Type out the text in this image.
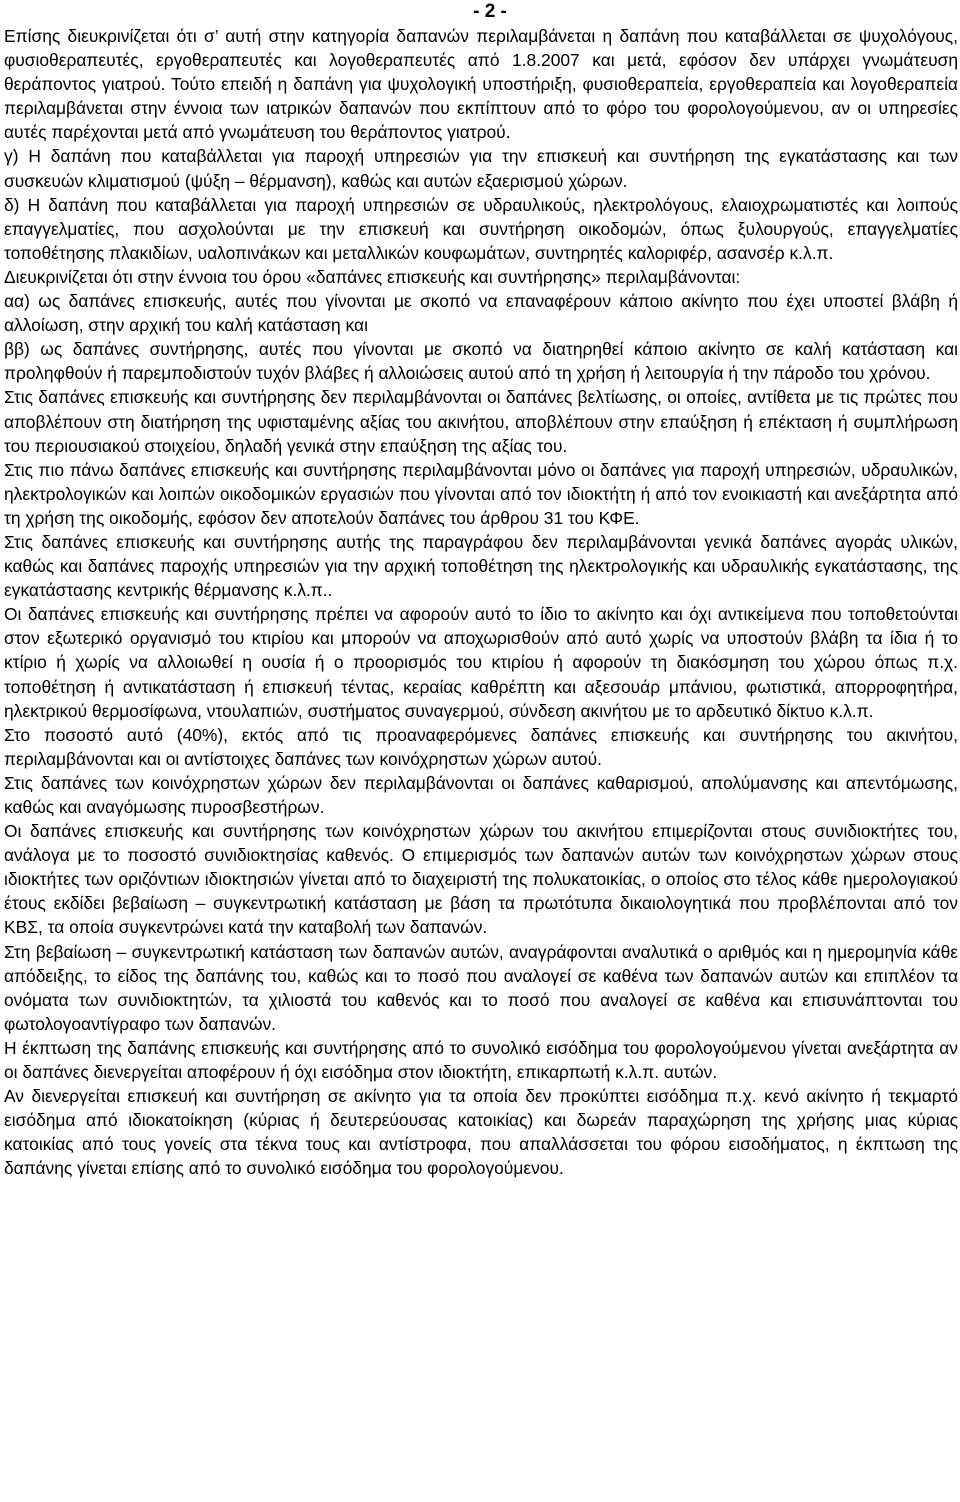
- 2 -

Επίσης διευκρινίζεται ότι σ’ αυτή στην κατηγορία δαπανών περιλαμβάνεται η δαπάνη που καταβάλλεται σε ψυχολόγους, φυσιοθεραπευτές, εργοθεραπευτές και λογοθεραπευτές από 1.8.2007 και μετά, εφόσον δεν υπάρχει γνωμάτευση θεράποντος γιατρού. Τούτο επειδή η δαπάνη για ψυχολογική υποστήριξη, φυσιοθεραπεία, εργοθεραπεία και λογοθεραπεία περιλαμβάνεται στην έννοια των ιατρικών δαπανών που εκπίπτουν από το φόρο του φορολογούμενου, αν οι υπηρεσίες αυτές παρέχονται μετά από γνωμάτευση του θεράποντος γιατρού.

γ) Η δαπάνη που καταβάλλεται για παροχή υπηρεσιών για την επισκευή και συντήρηση της εγκατάστασης και των συσκευών κλιματισμού (ψύξη – θέρμανση), καθώς και αυτών εξαερισμού χώρων.

δ) Η δαπάνη που καταβάλλεται για παροχή υπηρεσιών σε υδραυλικούς, ηλεκτρολόγους, ελαιοχρωματιστές και λοιπούς επαγγελματίες, που ασχολούνται με την επισκευή και συντήρηση οικοδομών, όπως ξυλουργούς, επαγγελματίες τοποθέτησης πλακιδίων, υαλοπινάκων και μεταλλικών κουφωμάτων, συντηρητές καλοριφέρ, ασανσέρ κ.λ.π.

Διευκρινίζεται ότι στην έννοια του όρου «δαπάνες επισκευής και συντήρησης» περιλαμβάνονται:

αα) ως δαπάνες επισκευής, αυτές που γίνονται με σκοπό να επαναφέρουν κάποιο ακίνητο που έχει υποστεί βλάβη ή αλλοίωση, στην αρχική του καλή κατάσταση και

ββ) ως δαπάνες συντήρησης, αυτές που γίνονται με σκοπό να διατηρηθεί κάποιο ακίνητο σε καλή κατάσταση και προληφθούν ή παρεμποδιστούν τυχόν βλάβες ή αλλοιώσεις αυτού από τη χρήση ή λειτουργία ή την πάροδο του χρόνου.

Στις δαπάνες επισκευής και συντήρησης δεν περιλαμβάνονται οι δαπάνες βελτίωσης, οι οποίες, αντίθετα με τις πρώτες που αποβλέπουν στη διατήρηση της υφισταμένης αξίας του ακινήτου, αποβλέπουν στην επαύξηση ή επέκταση ή συμπλήρωση του περιουσιακού στοιχείου, δηλαδή γενικά στην επαύξηση της αξίας του.

Στις πιο πάνω δαπάνες επισκευής και συντήρησης περιλαμβάνονται μόνο οι δαπάνες για παροχή υπηρεσιών, υδραυλικών, ηλεκτρολογικών και λοιπών οικοδομικών εργασιών που γίνονται από τον ιδιοκτήτη ή από τον ενοικιαστή και ανεξάρτητα από τη χρήση της οικοδομής, εφόσον δεν αποτελούν δαπάνες του άρθρου 31 του ΚΦΕ.

Στις δαπάνες επισκευής και συντήρησης αυτής της παραγράφου δεν περιλαμβάνονται γενικά δαπάνες αγοράς υλικών, καθώς και δαπάνες παροχής υπηρεσιών για την αρχική τοποθέτηση της ηλεκτρολογικής και υδραυλικής εγκατάστασης, της εγκατάστασης κεντρικής θέρμανσης κ.λ.π..

Οι δαπάνες επισκευής και συντήρησης πρέπει να αφορούν αυτό το ίδιο το ακίνητο και όχι αντικείμενα που τοποθετούνται στον εξωτερικό οργανισμό του κτιρίου και μπορούν να αποχωρισθούν από αυτό χωρίς να υποστούν βλάβη τα ίδια ή το κτίριο ή χωρίς να αλλοιωθεί η ουσία ή ο προορισμός του κτιρίου ή αφορούν τη διακόσμηση του χώρου όπως π.χ. τοποθέτηση ή αντικατάσταση ή επισκευή τέντας, κεραίας καθρέπτη και αξεσουάρ μπάνιου, φωτιστικά, απορροφητήρα, ηλεκτρικού θερμοσίφωνα, ντουλαπιών, συστήματος συναγερμού, σύνδεση ακινήτου με το αρδευτικό δίκτυο κ.λ.π.

Στο ποσοστό αυτό (40%), εκτός από τις προαναφερόμενες δαπάνες επισκευής και συντήρησης του ακινήτου, περιλαμβάνονται και οι αντίστοιχες δαπάνες των κοινόχρηστων χώρων αυτού.

Στις δαπάνες των κοινόχρηστων χώρων δεν περιλαμβάνονται οι δαπάνες καθαρισμού, απολύμανσης και απεντόμωσης, καθώς και αναγόμωσης πυροσβεστήρων.

Οι δαπάνες επισκευής και συντήρησης των κοινόχρηστων χώρων του ακινήτου επιμερίζονται στους συνιδιοκτήτες του, ανάλογα με το ποσοστό συνιδιοκτησίας καθενός. Ο επιμερισμός των δαπανών αυτών των κοινόχρηστων χώρων στους ιδιοκτήτες των οριζόντιων ιδιοκτησιών γίνεται από το διαχειριστή της πολυκατοικίας, ο οποίος στο τέλος κάθε ημερολογιακού έτους εκδίδει βεβαίωση – συγκεντρωτική κατάσταση με βάση τα πρωτότυπα δικαιολογητικά που προβλέπονται από τον ΚΒΣ, τα οποία συγκεντρώνει κατά την καταβολή των δαπανών.

Στη βεβαίωση – συγκεντρωτική κατάσταση των δαπανών αυτών, αναγράφονται αναλυτικά ο αριθμός και η ημερομηνία κάθε απόδειξης, το είδος της δαπάνης του, καθώς και το ποσό που αναλογεί σε καθένα των δαπανών αυτών και επιπλέον τα ονόματα των συνιδιοκτητών, τα χιλιοστά του καθενός και το ποσό που αναλογεί σε καθένα και επισυνάπτονται του φωτολογοαντίγραφο των δαπανών.

Η έκπτωση της δαπάνης επισκευής και συντήρησης από το συνολικό εισόδημα του φορολογούμενου γίνεται ανεξάρτητα αν οι δαπάνες διενεργείται αποφέρουν ή όχι εισόδημα στον ιδιοκτήτη, επικαρπωτή κ.λ.π. αυτών.

Αν διενεργείται επισκευή και συντήρηση σε ακίνητο για τα οποία δεν προκύπτει εισόδημα π.χ. κενό ακίνητο ή τεκμαρτό εισόδημα από ιδιοκατοίκηση (κύριας ή δευτερεύουσας κατοικίας) και δωρεάν παραχώρηση της χρήσης μιας κύριας κατοικίας από τους γονείς στα τέκνα τους και αντίστροφα, που απαλλάσσεται του φόρου εισοδήματος, η έκπτωση της δαπάνης γίνεται επίσης από το συνολικό εισόδημα του φορολογούμενου.
